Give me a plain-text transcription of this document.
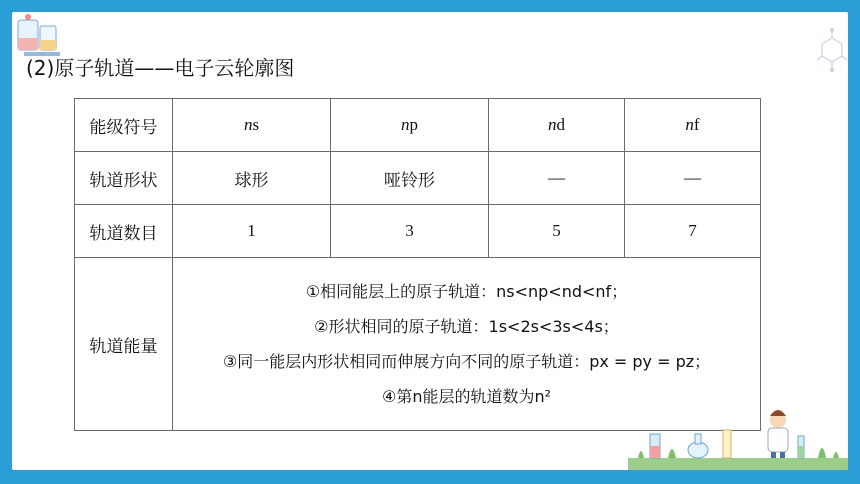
(2)原子轨道——电子云轮廓图
能级符号	ns	np	nd	nf
轨道形状	球形	哑铃形	—	—
轨道数目	1	3	5	7
轨道能量	①相同能层上的原子轨道：ns<np<nd<nf；
②形状相同的原子轨道：1s<2s<3s<4s；
③同一能层内形状相同而伸展方向不同的原子轨道：px = py = pz；
④第n能层的轨道数为n²			
